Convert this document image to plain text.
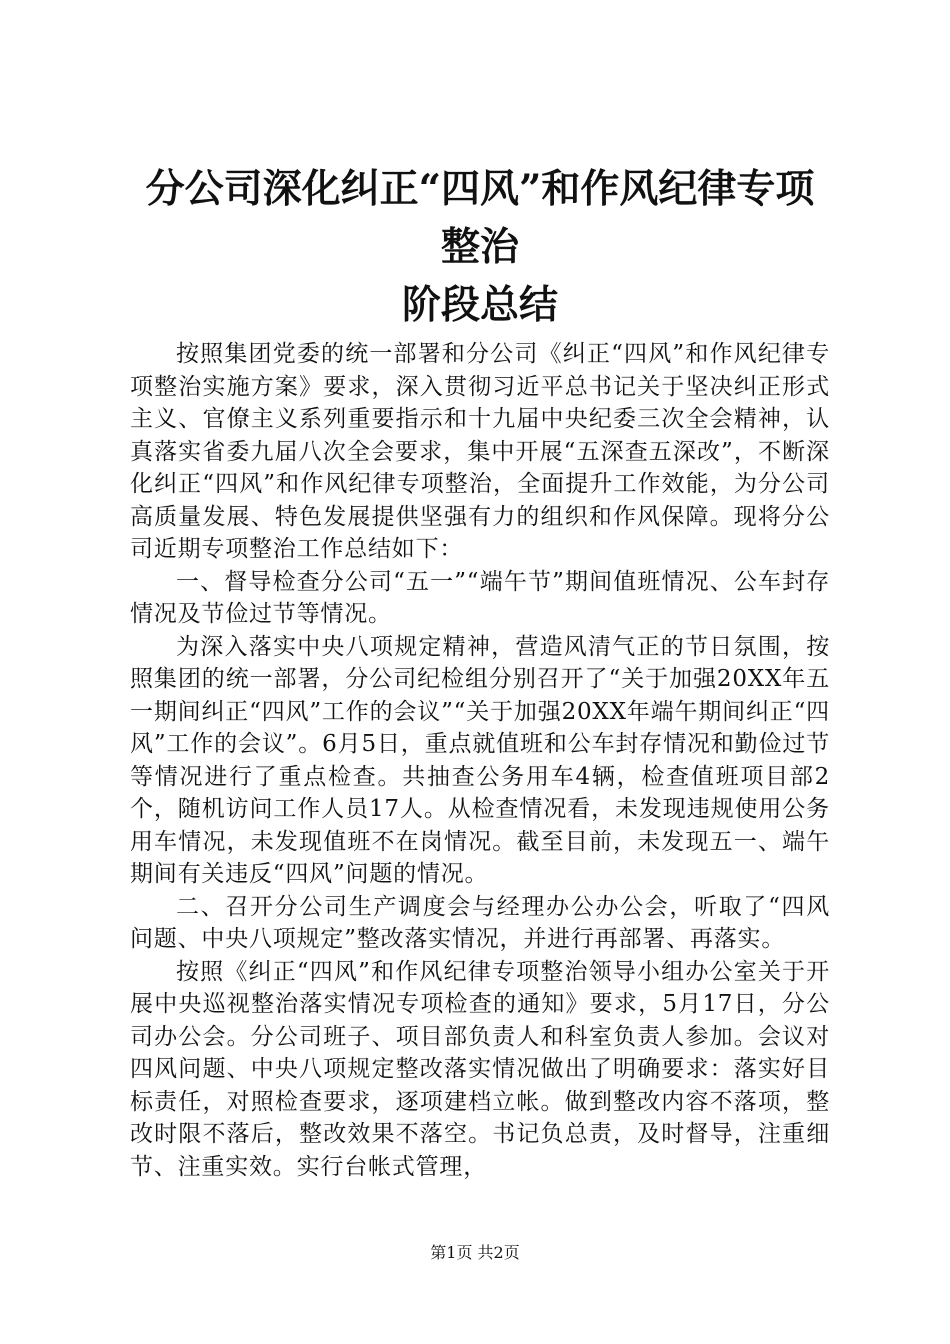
分公司深化纠正“四风”和作风纪律专项整治
阶段总结

按照集团党委的统一部署和分公司《纠正“四风”和作风纪律专项整治实施方案》要求，深入贯彻习近平总书记关于坚决纠正形式主义、官僚主义系列重要指示和十九届中央纪委三次全会精神，认真落实省委九届八次全会要求，集中开展“五深查五深改”，不断深化纠正“四风”和作风纪律专项整治，全面提升工作效能，为分公司高质量发展、特色发展提供坚强有力的组织和作风保障。现将分公司近期专项整治工作总结如下：

一、督导检查分公司“五一”“端午节”期间值班情况、公车封存情况及节俭过节等情况。

为深入落实中央八项规定精神，营造风清气正的节日氛围，按照集团的统一部署，分公司纪检组分别召开了“关于加强20XX年五一期间纠正“四风”工作的会议”“关于加强20XX年端午期间纠正“四风”工作的会议”。6月5日，重点就值班和公车封存情况和勤俭过节等情况进行了重点检查。共抽查公务用车4辆，检查值班项目部2个，随机访问工作人员17人。从检查情况看，未发现违规使用公务用车情况，未发现值班不在岗情况。截至目前，未发现五一、端午期间有关违反“四风”问题的情况。

二、召开分公司生产调度会与经理办公办公会，听取了“四风问题、中央八项规定”整改落实情况，并进行再部署、再落实。

按照《纠正“四风”和作风纪律专项整治领导小组办公室关于开展中央巡视整治落实情况专项检查的通知》要求，5月17日，分公司办公会。分公司班子、项目部负责人和科室负责人参加。会议对四风问题、中央八项规定整改落实情况做出了明确要求：落实好目标责任，对照检查要求，逐项建档立帐。做到整改内容不落项，整改时限不落后，整改效果不落空。书记负总责，及时督导，注重细节、注重实效。实行台帐式管理，

第1页 共2页
